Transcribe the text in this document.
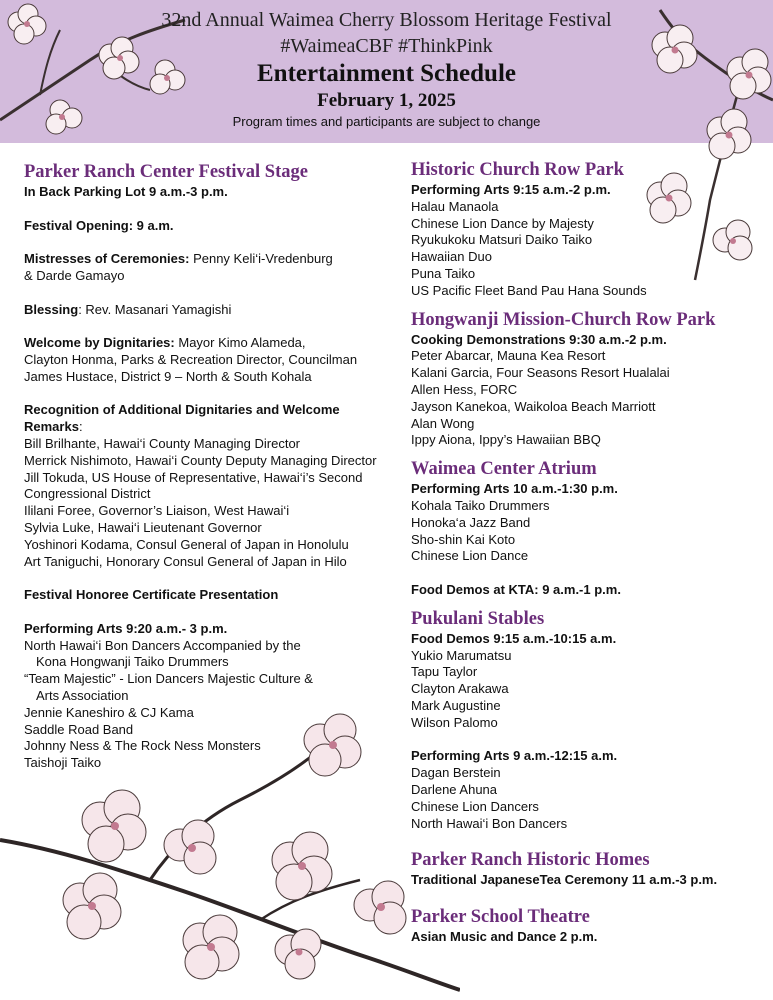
32nd Annual Waimea Cherry Blossom Heritage Festival
#WaimeaCBF #ThinkPink
Entertainment Schedule
February 1, 2025
Program times and participants are subject to change
Parker Ranch Center Festival Stage
In Back Parking Lot 9 a.m.-3 p.m.
Festival Opening: 9 a.m.
Mistresses of Ceremonies: Penny Keli‘i-Vredenburg
& Darde Gamayo
Blessing: Rev. Masanari Yamagishi
Welcome by Dignitaries: Mayor Kimo Alameda,
Clayton Honma, Parks & Recreation Director, Councilman
James Hustace, District 9 – North & South Kohala
Recognition of Additional Dignitaries and Welcome
Remarks:
Bill Brilhante, Hawai‘i County Managing Director
Merrick Nishimoto, Hawai‘i County Deputy Managing Director
Jill Tokuda, US House of Representative, Hawai‘i’s Second
Congressional District
Ililani Foree, Governor’s Liaison, West Hawai‘i
Sylvia Luke, Hawai‘i Lieutenant Governor
Yoshinori Kodama, Consul General of Japan in Honolulu
Art Taniguchi, Honorary Consul General of Japan in Hilo
Festival Honoree Certificate Presentation
Performing Arts 9:20 a.m.- 3 p.m.
North Hawai‘i Bon Dancers Accompanied by the
Kona Hongwanji Taiko Drummers
“Team Majestic” - Lion Dancers Majestic Culture &
Arts Association
Jennie Kaneshiro & CJ Kama
Saddle Road Band
Johnny Ness & The Rock Ness Monsters
Taishoji Taiko
Historic Church Row Park
Performing Arts 9:15 a.m.-2 p.m.
Halau Manaola
Chinese Lion Dance by Majesty
Ryukukoku Matsuri Daiko Taiko
Hawaiian Duo
Puna Taiko
US Pacific Fleet Band Pau Hana Sounds
Hongwanji Mission-Church Row Park
Cooking Demonstrations 9:30 a.m.-2 p.m.
Peter Abarcar, Mauna Kea Resort
Kalani Garcia, Four Seasons Resort Hualalai
Allen Hess, FORC
Jayson Kanekoa, Waikoloa Beach Marriott
Alan Wong
Ippy Aiona, Ippy’s Hawaiian BBQ
Waimea Center Atrium
Performing Arts 10 a.m.-1:30 p.m.
Kohala Taiko Drummers
Honoka‘a Jazz Band
Sho-shin Kai Koto
Chinese Lion Dance
Food Demos at KTA: 9 a.m.-1 p.m.
Pukulani Stables
Food Demos 9:15 a.m.-10:15 a.m.
Yukio Marumatsu
Tapu Taylor
Clayton Arakawa
Mark Augustine
Wilson Palomo
Performing Arts 9 a.m.-12:15 a.m.
Dagan Berstein
Darlene Ahuna
Chinese Lion Dancers
North Hawai‘i Bon Dancers
Parker Ranch Historic Homes
Traditional JapaneseTea Ceremony 11 a.m.-3 p.m.
Parker School Theatre
Asian Music and Dance 2 p.m.
